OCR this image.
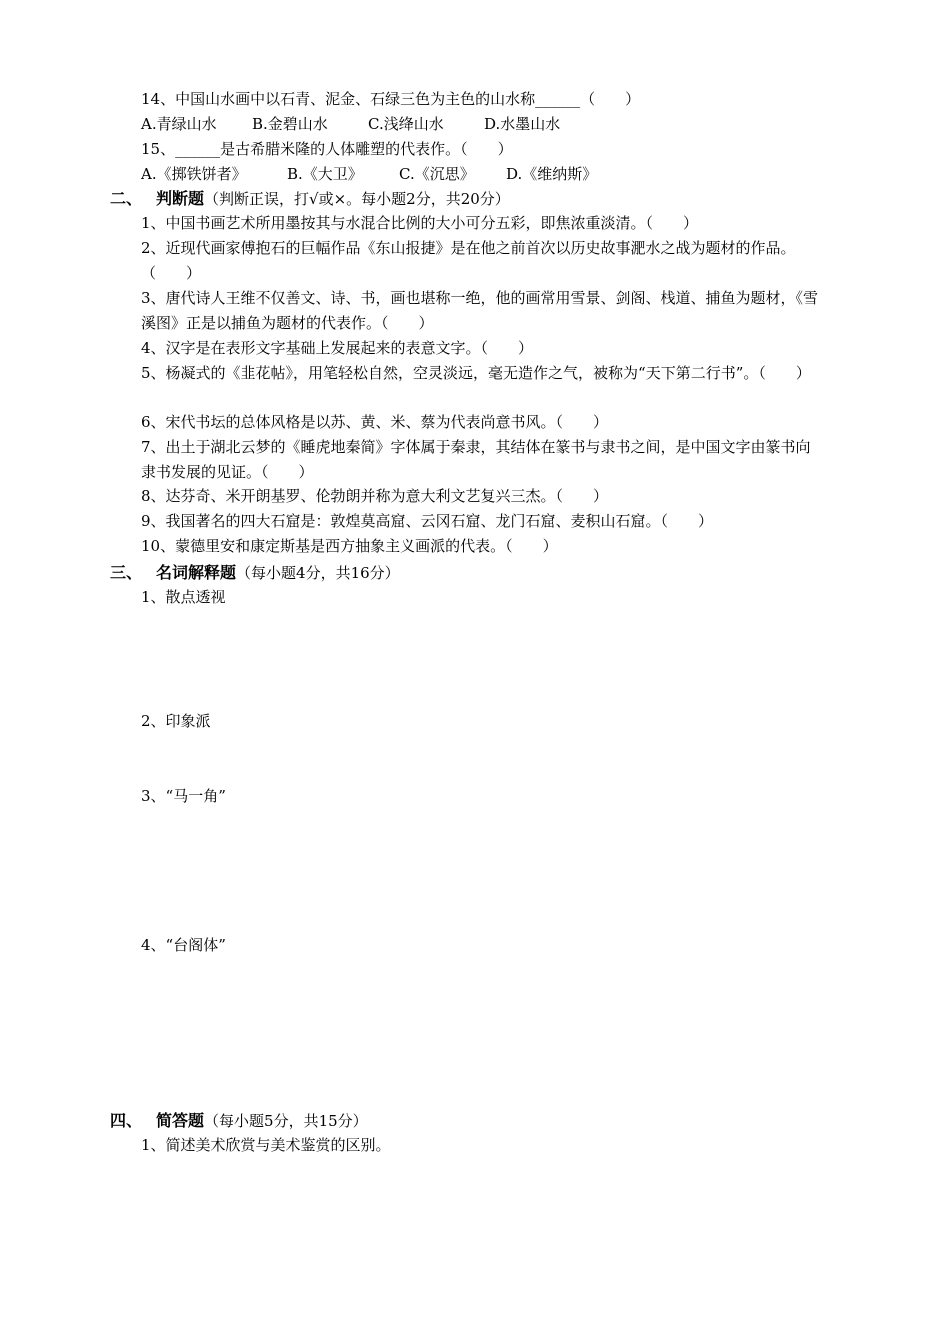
14、中国山水画中以石青、泥金、石绿三色为主色的山水称______（　　）
A.青绿山水 B.金碧山水	C.浅绛山水	D.水墨山水
15、______是古希腊米隆的人体雕塑的代表作。（　　）
A.《掷铁饼者》	B.《大卫》 C.《沉思》 D.《维纳斯》
二、 判断题（判断正误，打√或×。每小题2分，共20分）
1、中国书画艺术所用墨按其与水混合比例的大小可分五彩，即焦浓重淡清。（　　）
2、近现代画家傅抱石的巨幅作品《东山报捷》是在他之前首次以历史故事淝水之战为题材的作品。（　　）
3、唐代诗人王维不仅善文、诗、书，画也堪称一绝，他的画常用雪景、剑阁、栈道、捕鱼为题材，《雪溪图》正是以捕鱼为题材的代表作。（　　）
4、汉字是在表形文字基础上发展起来的表意文字。（　　）
5、杨凝式的《韭花帖》，用笔轻松自然，空灵淡远，毫无造作之气，被称为“天下第二行书”。（　　）
6、宋代书坛的总体风格是以苏、黄、米、蔡为代表尚意书风。（　　）
7、出土于湖北云梦的《睡虎地秦简》字体属于秦隶，其结体在篆书与隶书之间，是中国文字由篆书向隶书发展的见证。（　　）
8、达芬奇、米开朗基罗、伦勃朗并称为意大利文艺复兴三杰。（　　）
9、我国著名的四大石窟是：敦煌莫高窟、云冈石窟、龙门石窟、麦积山石窟。（　　）
10、蒙德里安和康定斯基是西方抽象主义画派的代表。（　　）
三、 名词解释题（每小题4分，共16分）
1、散点透视
2、印象派
3、“马一角”
4、“台阁体”
四、 简答题（每小题5分，共15分）
1、简述美术欣赏与美术鉴赏的区别。
